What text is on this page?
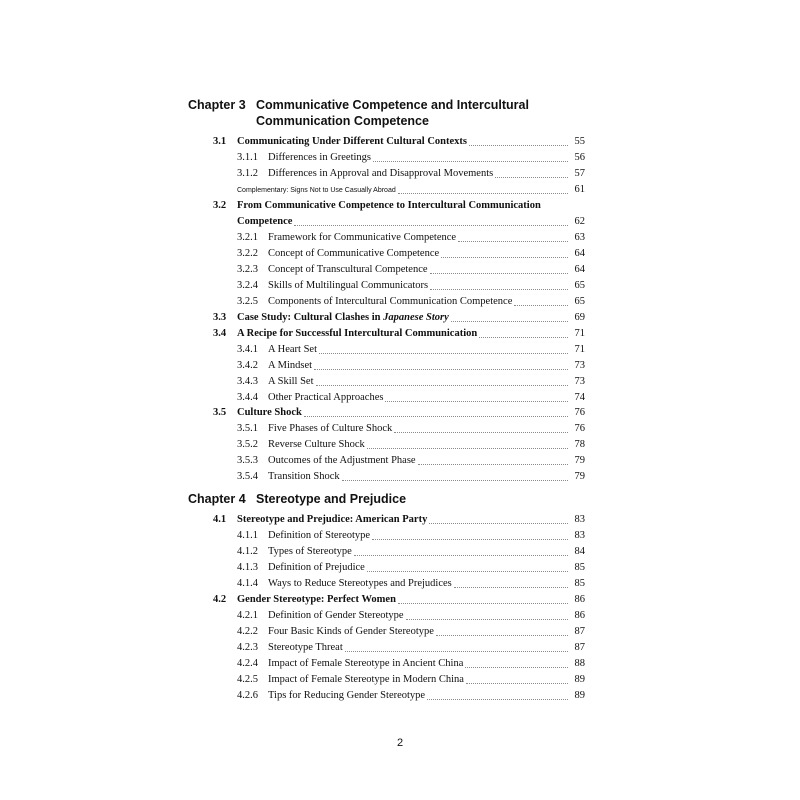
Chapter 3 Communicative Competence and Intercultural
Communication Competence
3.1	Communicating Under Different Cultural Contexts	55
3.1.1 Differences in Greetings	56
3.1.2 Differences in Approval and Disapproval Movements	57
Complementary: Signs Not to Use Casually Abroad	61
3.2	From Communicative Competence to Intercultural Communication
Competence	62
3.2.1 Framework for Communicative Competence	63
3.2.2 Concept of Communicative Competence	64
3.2.3 Concept of Transcultural Competence	64
3.2.4 Skills of Multilingual Communicators	65
3.2.5 Components of Intercultural Communication Competence	65
3.3	Case Study: Cultural Clashes in Japanese Story	69
3.4	A Recipe for Successful Intercultural Communication	71
3.4.1 A Heart Set	71
3.4.2 A Mindset	73
3.4.3 A Skill Set	73
3.4.4 Other Practical Approaches	74
3.5	Culture Shock	76
3.5.1 Five Phases of Culture Shock	76
3.5.2 Reverse Culture Shock	78
3.5.3 Outcomes of the Adjustment Phase	79
3.5.4 Transition Shock	79
Chapter 4 Stereotype and Prejudice
4.1	Stereotype and Prejudice: American Party	83
4.1.1 Definition of Stereotype	83
4.1.2 Types of Stereotype	84
4.1.3 Definition of Prejudice	85
4.1.4 Ways to Reduce Stereotypes and Prejudices	85
4.2	Gender Stereotype: Perfect Women	86
4.2.1 Definition of Gender Stereotype	86
4.2.2 Four Basic Kinds of Gender Stereotype	87
4.2.3 Stereotype Threat	87
4.2.4 Impact of Female Stereotype in Ancient China	88
4.2.5 Impact of Female Stereotype in Modern China	89
4.2.6 Tips for Reducing Gender Stereotype	89
2
